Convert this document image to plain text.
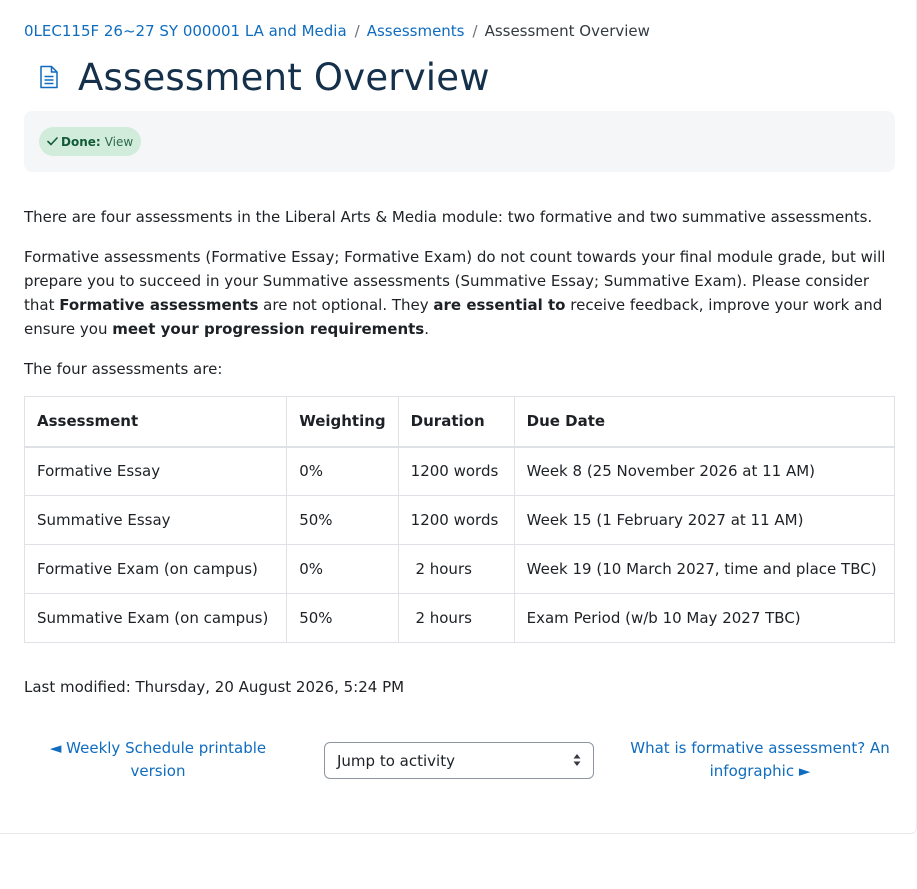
0LEC115F 26~27 SY 000001 LA and Media / Assessments / Assessment Overview
Assessment Overview
Done: View

There are four assessments in the Liberal Arts & Media module: two formative and two summative assessments.

Formative assessments (Formative Essay; Formative Exam) do not count towards your final module grade, but will prepare you to succeed in your Summative assessments (Summative Essay; Summative Exam). Please consider that Formative assessments are not optional. They are essential to receive feedback, improve your work and ensure you meet your progression requirements.

The four assessments are:

Assessment	Weighting	Duration	Due Date
Formative Essay	0%	1200 words	Week 8 (25 November 2026 at 11 AM)
Summative Essay	50%	1200 words	Week 15 (1 February 2027 at 11 AM)
Formative Exam (on campus)	0%	2 hours	Week 19 (10 March 2027, time and place TBC)
Summative Exam (on campus)	50%	2 hours	Exam Period (w/b 10 May 2027 TBC)
Last modified: Thursday, 20 August 2026, 5:24 PM
◄ Weekly Schedule printable version
Jump to activity
What is formative assessment? An infographic ►
